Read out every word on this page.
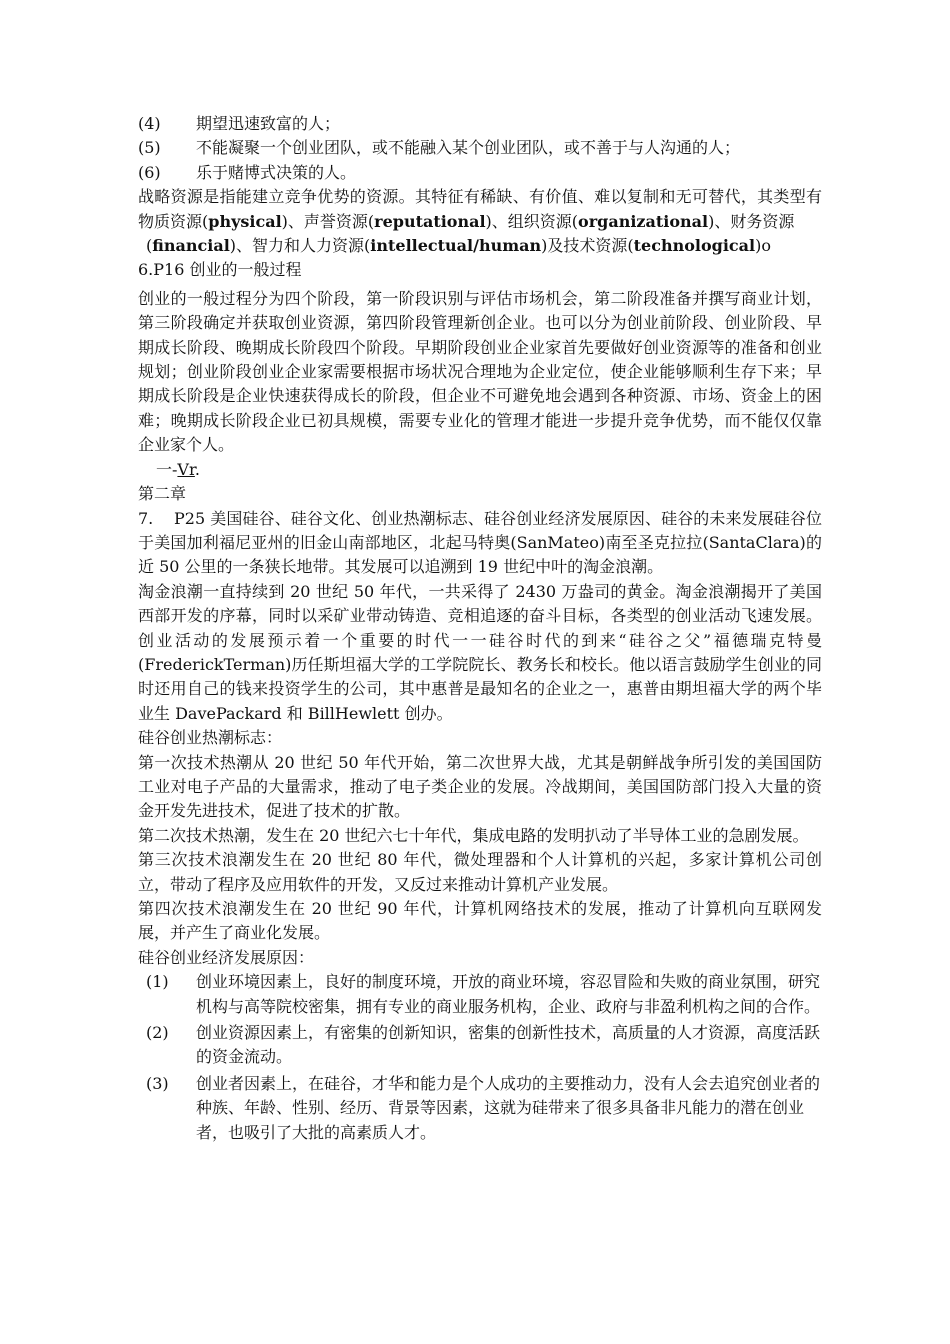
(4)	期望迅速致富的人；
(5)	不能凝聚一个创业团队，或不能融入某个创业团队，或不善于与人沟通的人；
(6)	乐于赌博式决策的人。
战略资源是指能建立竞争优势的资源。其特征有稀缺、有价值、难以复制和无可替代，其类型有物质资源(physical)、声誉资源(reputational)、组织资源(organizational)、财务资源
(financial)、智力和人力资源(intellectual/human)及技术资源(technological)o
6.P16 创业的一般过程
创业的一般过程分为四个阶段，第一阶段识别与评估市场机会，第二阶段准备并撰写商业计划，第三阶段确定并获取创业资源，第四阶段管理新创企业。也可以分为创业前阶段、创业阶段、早期成长阶段、晚期成长阶段四个阶段。早期阶段创业企业家首先要做好创业资源等的准备和创业规划；创业阶段创业企业家需要根据市场状况合理地为企业定位，使企业能够顺利生存下来；早期成长阶段是企业快速获得成长的阶段，但企业不可避免地会遇到各种资源、市场、资金上的困难；晚期成长阶段企业已初具规模，需要专业化的管理才能进一步提升竞争优势，而不能仅仅靠企业家个人。
一-Vr.
第二章
7. P25 美国硅谷、硅谷文化、创业热潮标志、硅谷创业经济发展原因、硅谷的未来发展硅谷位于美国加利福尼亚州的旧金山南部地区，北起马特奥(SanMateo)南至圣克拉拉(SantaClara)的近 50 公里的一条狭长地带。其发展可以追溯到 19 世纪中叶的淘金浪潮。
淘金浪潮一直持续到 20 世纪 50 年代，一共采得了 2430 万盎司的黄金。淘金浪潮揭开了美国西部开发的序幕，同时以采矿业带动铸造、竞相追逐的奋斗目标，各类型的创业活动飞速发展。创业活动的发展预示着一个重要的时代一一硅谷时代的到来“硅谷之父”福德瑞克特曼(FrederickTerman)历任斯坦福大学的工学院院长、教务长和校长。他以语言鼓励学生创业的同时还用自己的钱来投资学生的公司，其中惠普是最知名的企业之一，惠普由期坦福大学的两个毕业生 DavePackard 和 BillHewlett 创办。
硅谷创业热潮标志：
第一次技术热潮从 20 世纪 50 年代开始，第二次世界大战，尤其是朝鲜战争所引发的美国国防工业对电子产品的大量需求，推动了电子类企业的发展。冷战期间，美国国防部门投入大量的资金开发先进技术，促进了技术的扩散。
第二次技术热潮，发生在 20 世纪六七十年代，集成电路的发明扒动了半导体工业的急剧发展。
第三次技术浪潮发生在 20 世纪 80 年代，微处理器和个人计算机的兴起，多家计算机公司创立，带动了程序及应用软件的开发，又反过来推动计算机产业发展。
第四次技术浪潮发生在 20 世纪 90 年代，计算机网络技术的发展，推动了计算机向互联网发展，并产生了商业化发展。
硅谷创业经济发展原因：
(1)	创业环境因素上，良好的制度环境，开放的商业环境，容忍冒险和失败的商业氛围，研究机构与高等院校密集，拥有专业的商业服务机构，企业、政府与非盈利机构之间的合作。
(2)	创业资源因素上，有密集的创新知识，密集的创新性技术，高质量的人才资源，高度活跃的资金流动。
(3)	创业者因素上，在硅谷，才华和能力是个人成功的主要推动力，没有人会去追究创业者的种族、年龄、性别、经历、背景等因素，这就为硅带来了很多具备非凡能力的潜在创业者，也吸引了大批的高素质人才。
